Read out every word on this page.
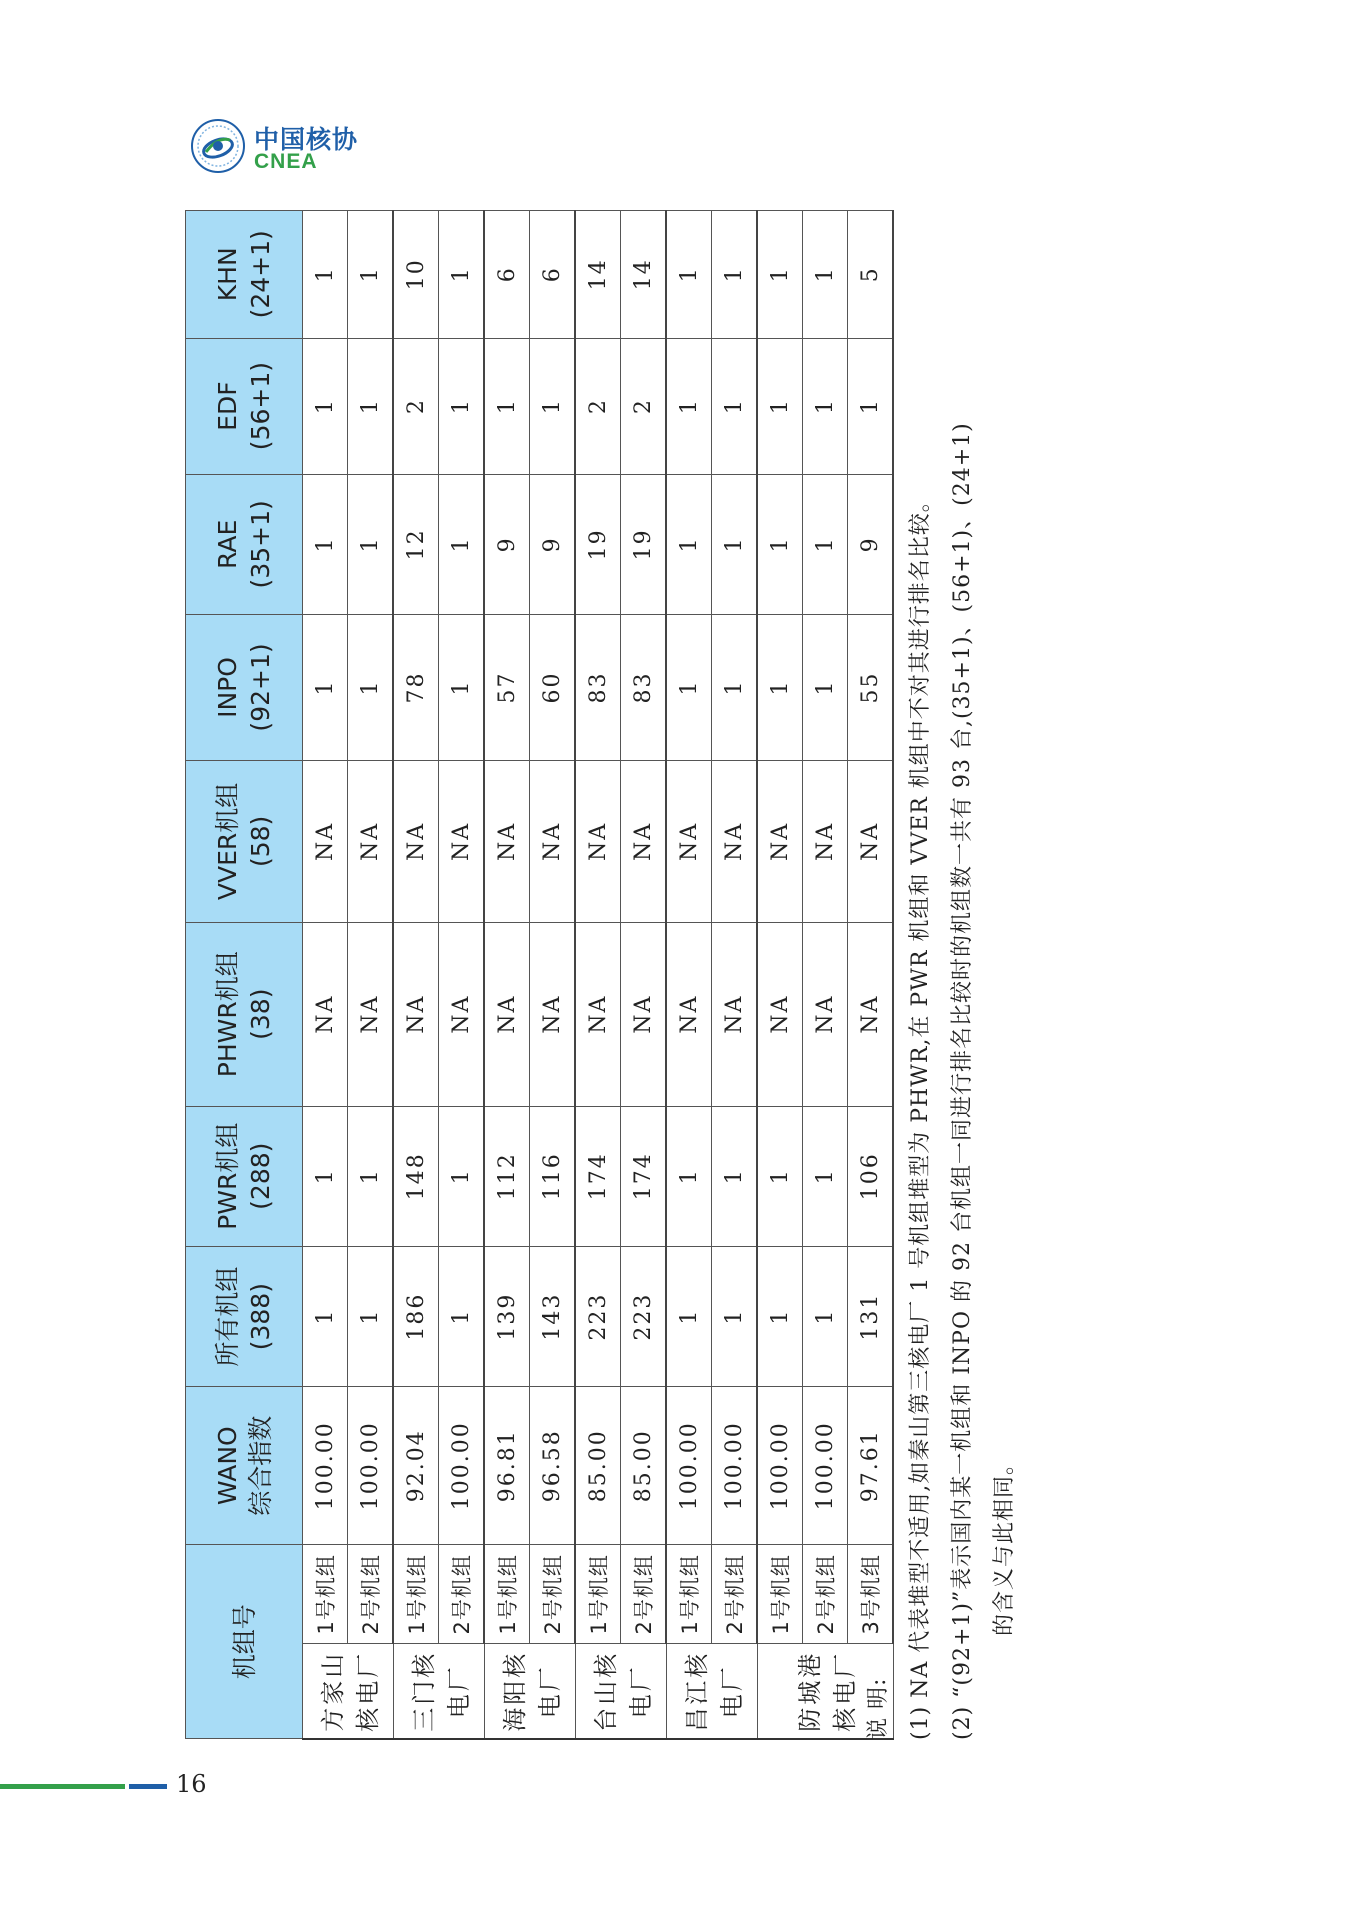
中国核协
CNEA
机组号		WANO 综合指数	所有机组 (388)	PWR机组 (288)	PHWR机组 (38)	VVER机组 (58)	INPO (92+1)	RAE (35+1)	EDF (56+1)	KHN (24+1)
方家山核电厂	1号机组	100.00	1	1	NA	NA	1	1	1	1
	2号机组	100.00	1	1	NA	NA	1	1	1	1
三门核电厂	1号机组	92.04	186	148	NA	NA	78	12	2	10
	2号机组	100.00	1	1	NA	NA	1	1	1	1
海阳核电厂	1号机组	96.81	139	112	NA	NA	57	9	1	6
	2号机组	96.58	143	116	NA	NA	60	9	1	6
台山核电厂	1号机组	85.00	223	174	NA	NA	83	19	2	14
	2号机组	85.00	223	174	NA	NA	83	19	2	14
昌江核电厂	1号机组	100.00	1	1	NA	NA	1	1	1	1
	2号机组	100.00	1	1	NA	NA	1	1	1	1
防城港核电厂	1号机组	100.00	1	1	NA	NA	1	1	1	1
	2号机组	100.00	1	1	NA	NA	1	1	1	1
	3号机组	97.61	131	106	NA	NA	55	9	1	5

说 明: (1) NA 代表堆型不适用,如秦山第三核电厂 1 号机组堆型为 PHWR,在 PWR 机组和 VVER 机组中不对其进行排名比较。 (2) “(92+1)”表示国内某一机组和 INPO 的 92 台机组一同进行排名比较时的机组数一共有 93 台,(35+1)、(56+1)、(24+1) 的含义与此相同。

16
